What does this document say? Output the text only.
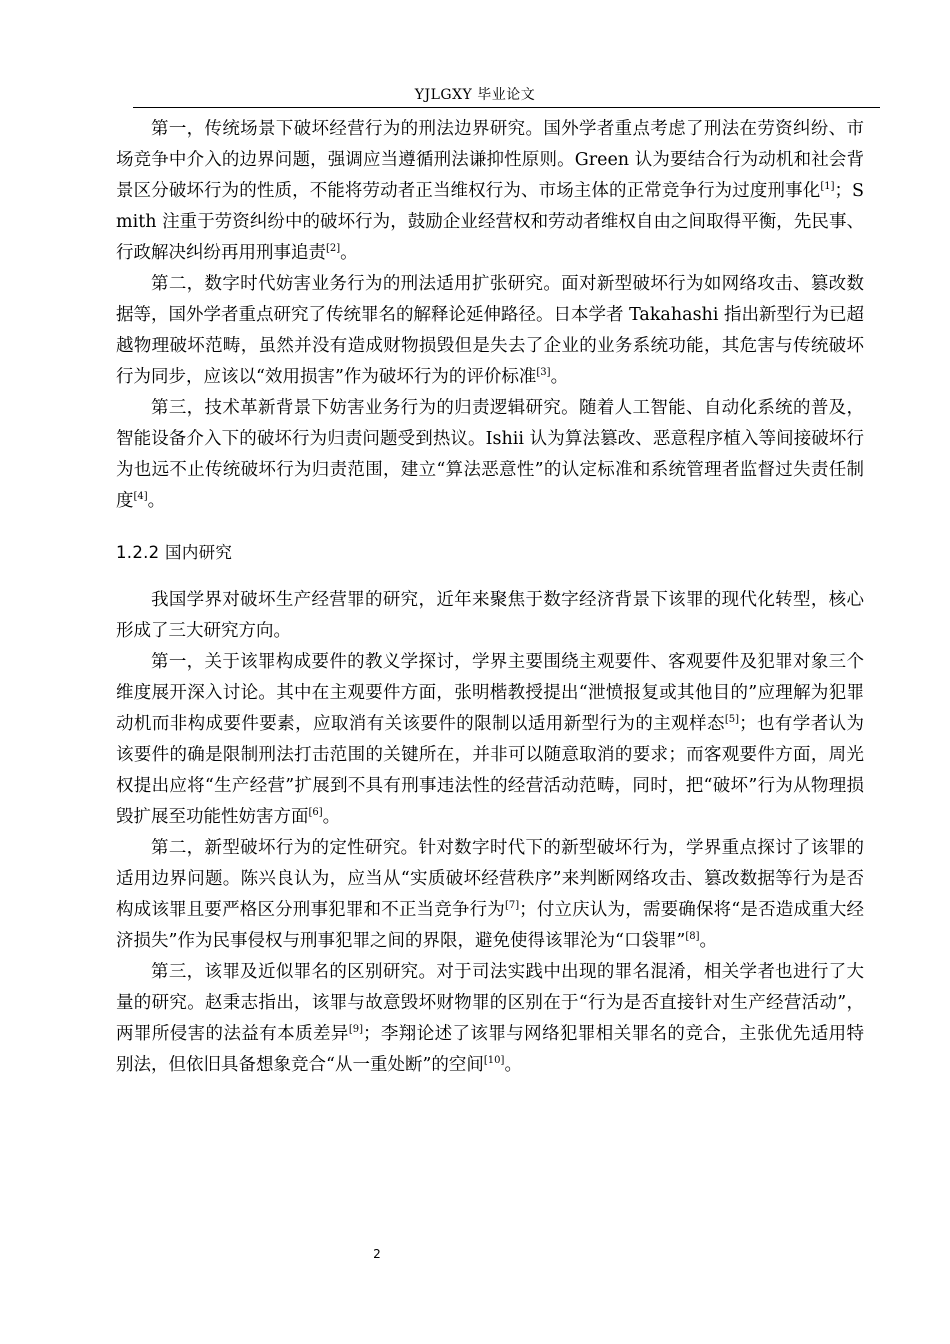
YJLGXY 毕业论文

第一，传统场景下破坏经营行为的刑法边界研究。国外学者重点考虑了刑法在劳资纠纷、市场竞争中介入的边界问题，强调应当遵循刑法谦抑性原则。Green 认为要结合行为动机和社会背景区分破坏行为的性质，不能将劳动者正当维权行为、市场主体的正常竞争行为过度刑事化[1]；Smith 注重于劳资纠纷中的破坏行为，鼓励企业经营权和劳动者维权自由之间取得平衡，先民事、行政解决纠纷再用刑事追责[2]。

第二，数字时代妨害业务行为的刑法适用扩张研究。面对新型破坏行为如网络攻击、篡改数据等，国外学者重点研究了传统罪名的解释论延伸路径。日本学者 Takahashi 指出新型行为已超越物理破坏范畴，虽然并没有造成财物损毁但是失去了企业的业务系统功能，其危害与传统破坏行为同步，应该以“效用损害”作为破坏行为的评价标准[3]。

第三，技术革新背景下妨害业务行为的归责逻辑研究。随着人工智能、自动化系统的普及，智能设备介入下的破坏行为归责问题受到热议。Ishii 认为算法篡改、恶意程序植入等间接破坏行为也远不止传统破坏行为归责范围，建立“算法恶意性”的认定标准和系统管理者监督过失责任制度[4]。

1.2.2 国内研究

我国学界对破坏生产经营罪的研究，近年来聚焦于数字经济背景下该罪的现代化转型，核心形成了三大研究方向。

第一，关于该罪构成要件的教义学探讨，学界主要围绕主观要件、客观要件及犯罪对象三个维度展开深入讨论。其中在主观要件方面，张明楷教授提出“泄愤报复或其他目的”应理解为犯罪动机而非构成要件要素，应取消有关该要件的限制以适用新型行为的主观样态[5]；也有学者认为该要件的确是限制刑法打击范围的关键所在，并非可以随意取消的要求；而客观要件方面，周光权提出应将“生产经营”扩展到不具有刑事违法性的经营活动范畴，同时，把“破坏”行为从物理损毁扩展至功能性妨害方面[6]。

第二，新型破坏行为的定性研究。针对数字时代下的新型破坏行为，学界重点探讨了该罪的适用边界问题。陈兴良认为，应当从“实质破坏经营秩序”来判断网络攻击、篡改数据等行为是否构成该罪且要严格区分刑事犯罪和不正当竞争行为[7]；付立庆认为，需要确保将“是否造成重大经济损失”作为民事侵权与刑事犯罪之间的界限，避免使得该罪沦为“口袋罪”[8]。

第三，该罪及近似罪名的区别研究。对于司法实践中出现的罪名混淆，相关学者也进行了大量的研究。赵秉志指出，该罪与故意毁坏财物罪的区别在于“行为是否直接针对生产经营活动”，两罪所侵害的法益有本质差异[9]；李翔论述了该罪与网络犯罪相关罪名的竞合，主张优先适用特别法，但依旧具备想象竞合“从一重处断”的空间[10]。

2
